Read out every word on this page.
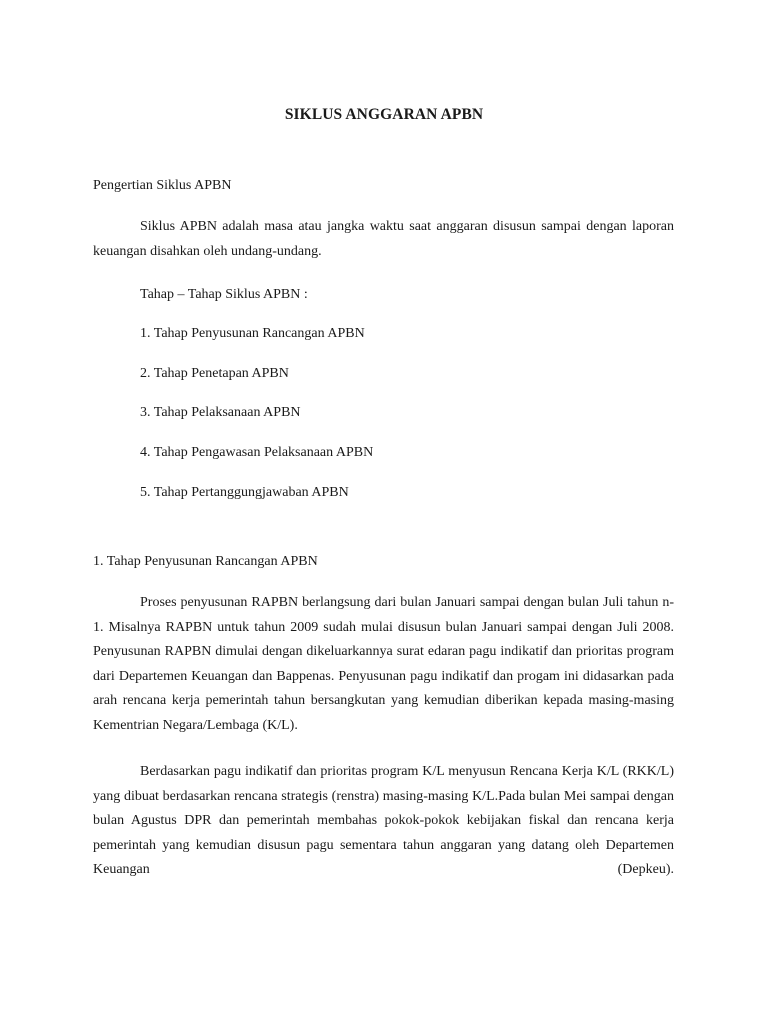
SIKLUS ANGGARAN APBN
Pengertian Siklus APBN
Siklus APBN adalah masa atau jangka waktu saat anggaran disusun sampai dengan laporan keuangan disahkan oleh undang-undang.
Tahap – Tahap Siklus APBN :
1. Tahap Penyusunan Rancangan APBN
2. Tahap Penetapan APBN
3. Tahap Pelaksanaan APBN
4. Tahap Pengawasan Pelaksanaan APBN
5. Tahap Pertanggungjawaban APBN
1. Tahap Penyusunan Rancangan APBN
Proses penyusunan RAPBN berlangsung dari bulan Januari sampai dengan bulan Juli tahun n-1. Misalnya RAPBN untuk tahun 2009 sudah mulai disusun bulan Januari sampai dengan Juli 2008. Penyusunan RAPBN dimulai dengan dikeluarkannya surat edaran pagu indikatif dan prioritas program dari Departemen Keuangan dan Bappenas. Penyusunan pagu indikatif dan progam ini didasarkan pada arah rencana kerja pemerintah tahun bersangkutan yang kemudian diberikan kepada masing-masing Kementrian Negara/Lembaga (K/L).
Berdasarkan pagu indikatif dan prioritas program K/L menyusun Rencana Kerja K/L (RKK/L) yang dibuat berdasarkan rencana strategis (renstra) masing-masing K/L.Pada bulan Mei sampai dengan bulan Agustus DPR dan pemerintah membahas pokok-pokok kebijakan fiskal dan rencana kerja pemerintah yang kemudian disusun pagu sementara tahun anggaran yang datang oleh Departemen Keuangan (Depkeu).
